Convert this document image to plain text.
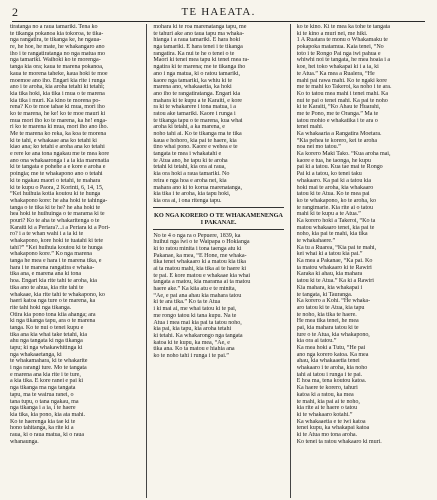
2	TE HAEATA.
tiratanga no a raua tamariki. Tena ko
te tikanga pokanoa kia tokoroa, te tika-
nga rangatira, te tikanga ke, he ngaua-
re, he hoe, he mate, he whakangaro ano
iho i te rangatiratanga no nga matua mo
nga tamariki. Waihoki ko te morenga-
tanga kia ora; kaua te marena pokanoa,
kaua te morena taheke, kaua hoki te moe
moemoe ano iho. Engari kia rite i runga
ano i te aroha, kia aroha tetahi ki tetahi;
kia tika hoki, kia tika i mua o te marena
kia tika i muri. Ka kino te morena po-
rena? Ko te moe tahae ki mua, mori iho
ko te marena, he ke! ko te moe mauri ki
mua mori iho ko te marena, ka he! enga-
ri ko te marena ki mua, mori iho ano iho.
Me te marena ko reka, ka koa te morena
ki te tahi, e whakaae ana ko tetahi ki
kiao ana; ko tetahi e aroha ana ko tetahi
e rere ke ana tona ngakau me te mea kore
ano ona whakaaronga i a ia kia marenatia
ki te tangata e pohehe a e kore e aroha e
poingia; me te whakapono ano o tetahi
ki te ngakau maori o tetahi, te mahara
ki te kupu o Paora, 2 Korinti, 6, 14, 15,
“Kei huihuia kotia koutou ki te hunga
whakapono kore: he aha hoki te tahinga-
tanga o te tika ki te he? he aha hoki te
hea hoki te huihuinga o te marama ki te
pouri? Ko te aha te whakaritenga o te
Karaiti ki a Periara?...i a Periara ki a Pori-
ro? i a te whan wahi i a ia ki te
whakapono, kore hoki te tuatahi ki tete
tahi?” “Kei huihuia koutou ki te hunga
whakapono kore.” Ko nga marena
tanga he mea e hara i te marena tika, e
hara i te marena rangatira e whaka-
tika ana, e marena ana ki tona
hoa. Engari kia rite tahi te aroha, kia
tika ano te ahua, kia rite tahi te
whakaae, kia rite tahi te whakapono, ko
haeri katoa nga ture o te marena, ka
rite tahi hoki nga tikanga.
Otira kia pono tona kiia ahanga; ara
ki nga tikanga tapu, ara o te marena
tanga. Ko te nui o tenei kupu e
tika ana kia whai take tetahi, kia
ahu nga tangata ki nga tikanga
tapu; ki nga whakawhitinga ki
nga whakaaetanga, ki
te whakamahara, ki te whakarite
i nga rarangi ture. Mo te tangata
e marena ana kia rite i te ture,
a kia tika. E kore ranei e pai ki
nga tikanga ma nga tangata
tapu, ma te wairua ranei, o
tana tupu, o tana ngakau, ma
nga tikanga i a ia, i te haere
kia tika, kia pono, kia ata mahi.
Ko te haerenga kia tae ki te
hono tahitanga, ka rite ki a
raua, ki o raua matua, ki o raua
whanaunga.
mohara ki te roa marenatanga tapu, me
te tahuri ake ano taua tapu ma whaka-
hianga i a raua tamariki. E hara hoki
nga tamariki. E hara tenei i te tikanga
rangatira. Ka nui te he o tenei o te
Maori ki tenei mea tapu ki tenei mea ra-
ngatira ki te marena; me te tikanga iho
ano i nga matua, ki o ratou tamariki,
kaore nga tamariki, ka whiu ki te
marena ano, whakaaetia, ka hoki
ano iho te rangatiratanga. Engari kia
mahara ki te kupu a te Karaiti, e kore
ra ki te whakarere i tona matua, i a
ratou ake tamariki. Kaore i runga i
te tikanga tapu o te marena, kua whai
aroha ki tetahi, a ka marena, e
noho tahi ai. Ko te tikanga ma te tika
kaua e hohoro, kia pai te haere, kia
tino whai pono. Kaore e wehea e te
tangata te mea i whakatahi e
te Atua ano, he tapu ki te aroha
tetahi ki tetahi, kia ora ai raua,
kia ora hoki a raua tamariki. No
reira e nga hoa e aroha nei, kia
mahara ano ki to korua marenatanga,
kia tika i te aroha, kia tapu hoki,
kia ora ai, i ona ritenga tapu.
KO NGA KORERO O TE WHAKAMENENGA I PAKANAE.
No te 4 o nga ra o Pepuere, 1839, ka
huihui nga iwi o te Waipapa o Hokianga
ki to ratou minita i tona taenga atu ki
Pakanae, ka mea, “E Hone, me whaka-
tika tenei whakaaro ki a matou kia tika
ai ta matou mahi, kia tika ai te haere ki
te pai. E kore matou e whakaae kia whai
tangata a matou, kia marama ai ta matou
haere ake.” Ka kiia atu e te minita,
“Ae, e pai ana ahau kia mahara tatou
ki te ara tika.” Ko ta te Atua
i ki mai ai, me whai tatou ki te pai,
me rongo tatou ki tana kupu. Na te
Atua i mea mai kia pai ta tatou noho,
kia pai, kia tapu, kia aroha tetahi
ki tetahi. Ka whakarongo nga tangata
katoa ki te kupu, ka mea, “Ae, e
tika ana. Ko ta matou e hiahia ana
ko te noho tahi i runga i te pai.”
ko te kino. Ki te mea ka tohe te tangata
ki te kino a muri nei, me hiki.
1 A Ruatara te monu o Whakamaku te
pokapoka matamua. Kaia tenei, “No
toto i te Rongo Pai nga iwi pahua e
whiwhi noi te tangata, he mea hoaia i a
koe, hei toko whakapai ki i a ia, ki
te Atua.” Ka mea a Rualera, “He
mahi pai rawa mahi. Ko te ngaki kore
me te mahi ko Takeroi, ka noho i te ara.
Ko to tatou mea mahi i tenei mahi. Ka
nui te pai o tenei mahi. Ka pai te noho
ki te Karaiti, “Ko Ahau te Huarahi,
me te Pono, me te Oranga.” Ma te
tatou mohio e whakatika i te ara o
tenei mahi.
Ka whakaaria a Rangatira Moetara.
“Kia pehea te korero, kei te aroha
noa nei mo tatou.”
Ka korero Maki Tako. “Kua aroha mai,
kaore e tua, he taonga, he kupu
pai ki a tatou. Kua tae mai te Rongo
Pai ki a tatou, ko tenei taku
whakaaro. Ka pai ki a tatou kia
hoki mai te aroha, kia whakaaro
tatou ki te Atua. Ko te mea pai
ko te whakapono, ko te aroha, ko
te rangimarie. Kia rite ai o tatou
mahi ki te kupu a te Atua.”
Ka korero hoki a Takeroi, “Ko ta
matou whakaaro tenei, kia pai te
noho, kia pai te mahi, kia tika
te whakahaere.”
Ka tu a Ruarea, “Kia pai te mahi,
kei whai ki a tatou kia pai.”
Ka mea a Pakanae, “Ka pai. Ko
ta matou whakaaro ki te Rawiri
Karaka ki ahau, kia mahara
tatou ki te Atua.” Ka ki a Rawiri
Kia mahara, kia whakapai i
te tangata, ki Tauranga.
Ka korero a Kohi. “He whaka-
aro tatou ki te Atua, kia tapu
te noho, kia tika te haere.
He mea tika tenei, he mea
pai, kia mahara tatou ki te
ture o te Atua, kia whakapono,
kia ora ai tatou.”
Ka mea hoki a Tutu, “He pai
ano nga korero katoa. Ka mea
ahau, kia whakaaetia tenei
whakaaro i te aroha, kia noho
tahi ai tatou i runga i te pai.
E hoa ma, tena koutou katoa.
Ka haere te korero, tahuri
katoa ki a ratou, ka mea
te mahi, kia pai ai te noho,
kia rite ai te haere o tatou
ki te whakaaro kotahi.”
Ka whakaaetia e te iwi katoa
tenei kupu, ka whakapai katoa
ki te Atua mo tona aroha.
Ko tenei ta ratou whakaaro ki muri.
